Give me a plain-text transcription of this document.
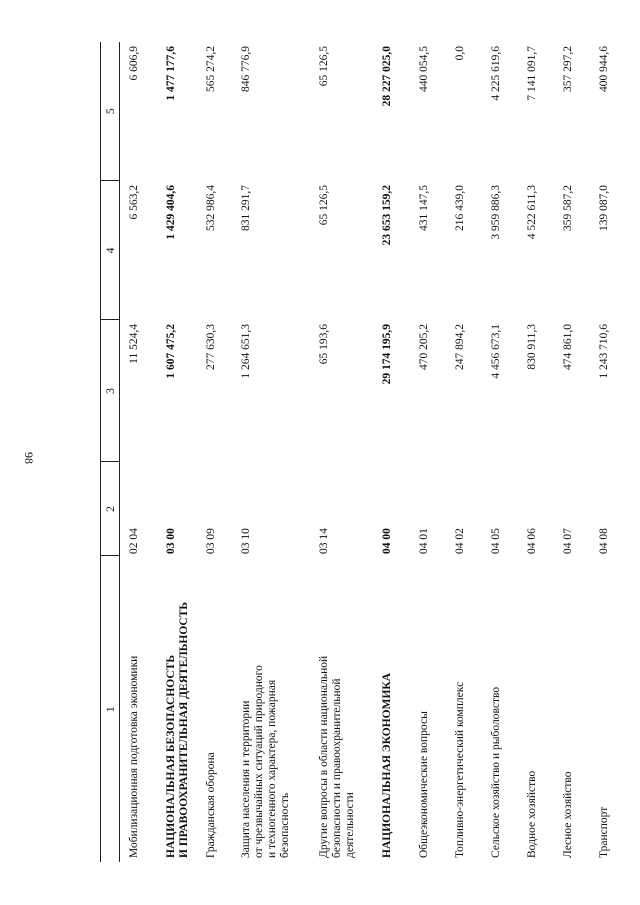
98
1	2	3	4	5

Мобилизационная подготовка экономики	02 04	11 524,4	6 563,2	6 606,9
НАЦИОНАЛЬНАЯ БЕЗОПАСНОСТЬ
И ПРАВООХРАНИТЕЛЬНАЯ ДЕЯТЕЛЬНОСТЬ	03 00	1 607 475,2	1 429 404,6	1 477 177,6
Гражданская оборона	03 09	277 630,3	532 986,4	565 274,2
Защита населения и территории
от чрезвычайных ситуаций природного
и техногенного характера, пожарная
безопасность	03 10	1 264 651,3	831 291,7	846 776,9
Другие вопросы в области национальной
безопасности и правоохранительной
деятельности	03 14	65 193,6	65 126,5	65 126,5
НАЦИОНАЛЬНАЯ ЭКОНОМИКА	04 00	29 174 195,9	23 653 159,2	28 227 025,0
Общеэкономические вопросы	04 01	470 205,2	431 147,5	440 054,5
Топливно-энергетический комплекс	04 02	247 894,2	216 439,0	0,0
Сельское хозяйство и рыболовство	04 05	4 456 673,1	3 959 886,3	4 225 619,6
Водное хозяйство	04 06	830 911,3	4 522 611,3	7 141 091,7
Лесное хозяйство	04 07	474 861,0	359 587,2	357 297,2
Транспорт	04 08	1 243 710,6	139 087,0	400 944,6
